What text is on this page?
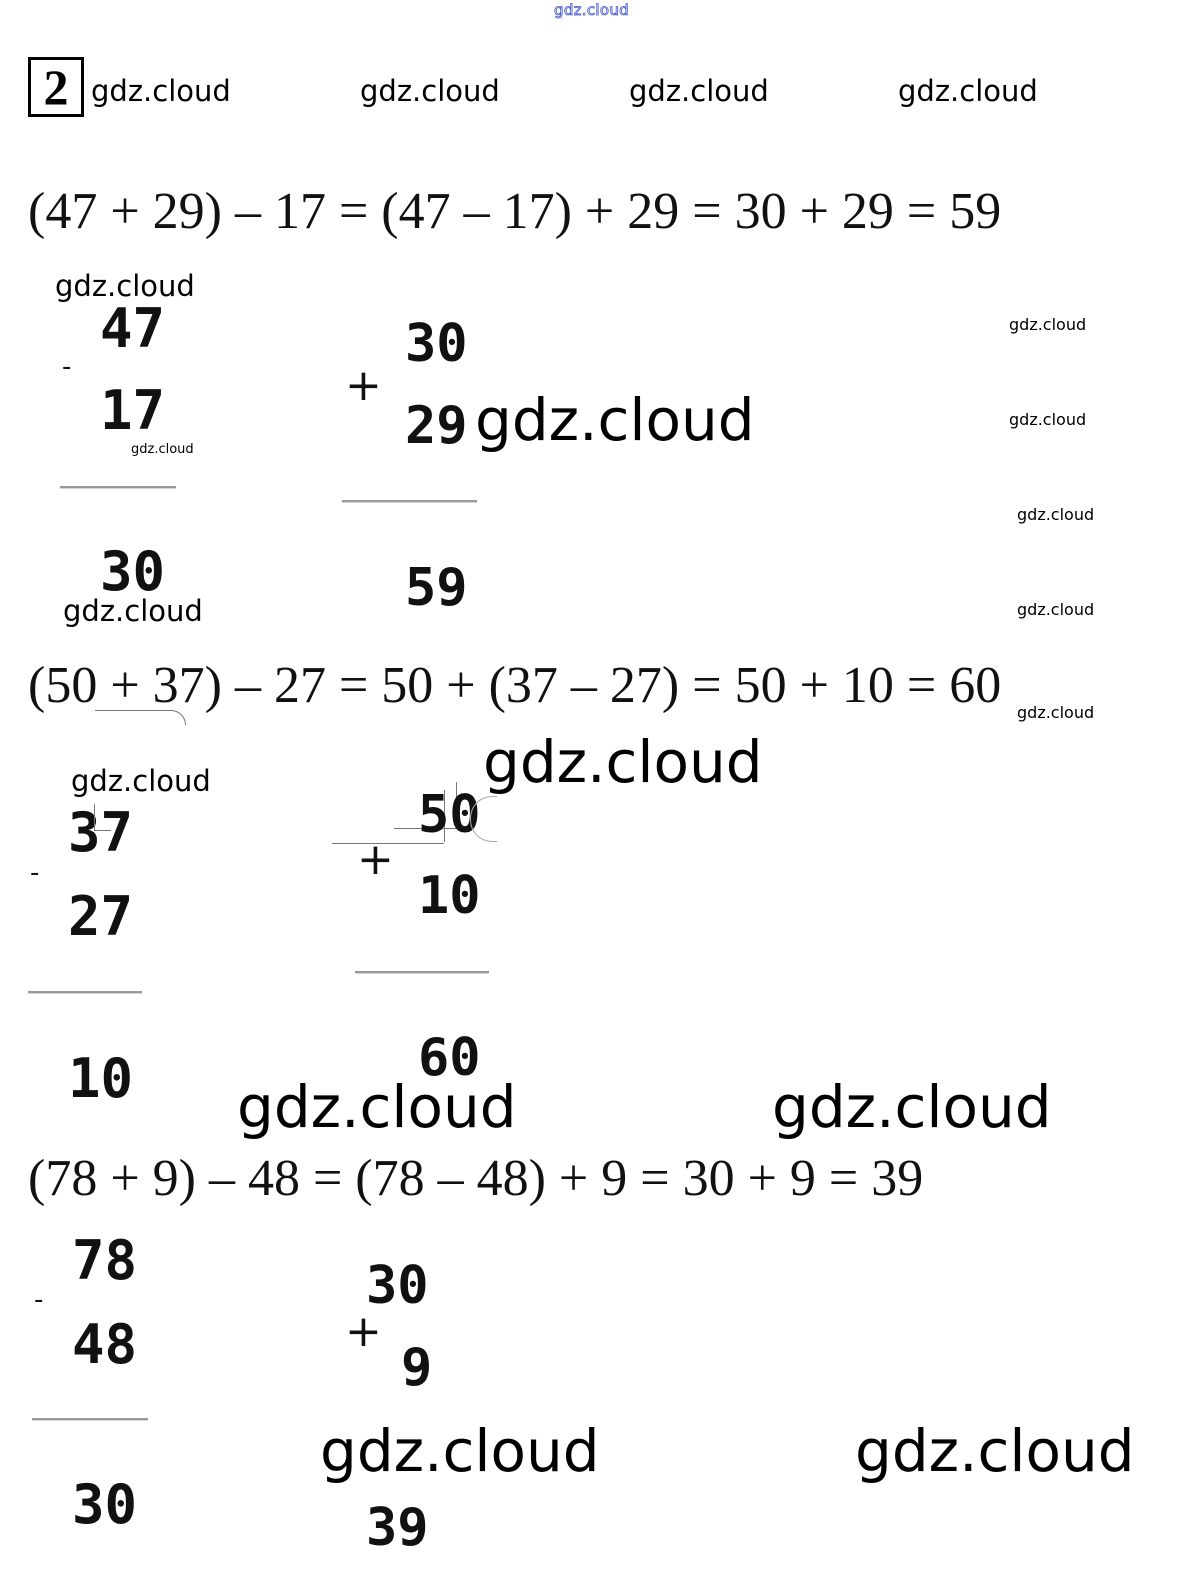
gdz.cloud
2 gdz.cloud	gdz.cloud	gdz.cloud	gdz.cloud
(47 + 29) – 17 = (47 – 17) + 29 = 30 + 29 = 59
gdz.cloud
47
-
17
gdz.cloud
30
gdz.cloud
30
+
29 gdz.cloud
59
gdz.cloud
gdz.cloud
gdz.cloud
gdz.cloud
(50 + 37) – 27 = 50 + (37 – 27) = 50 + 10 = 60 gdz.cloud
gdz.cloud
gdz.cloud
37
-
27
10
50
+
10
60
gdz.cloud	gdz.cloud
(78 + 9) – 48 = (78 – 48) + 9 = 30 + 9 = 39
78
-
48
30
30
+
9
gdz.cloud	gdz.cloud
39
